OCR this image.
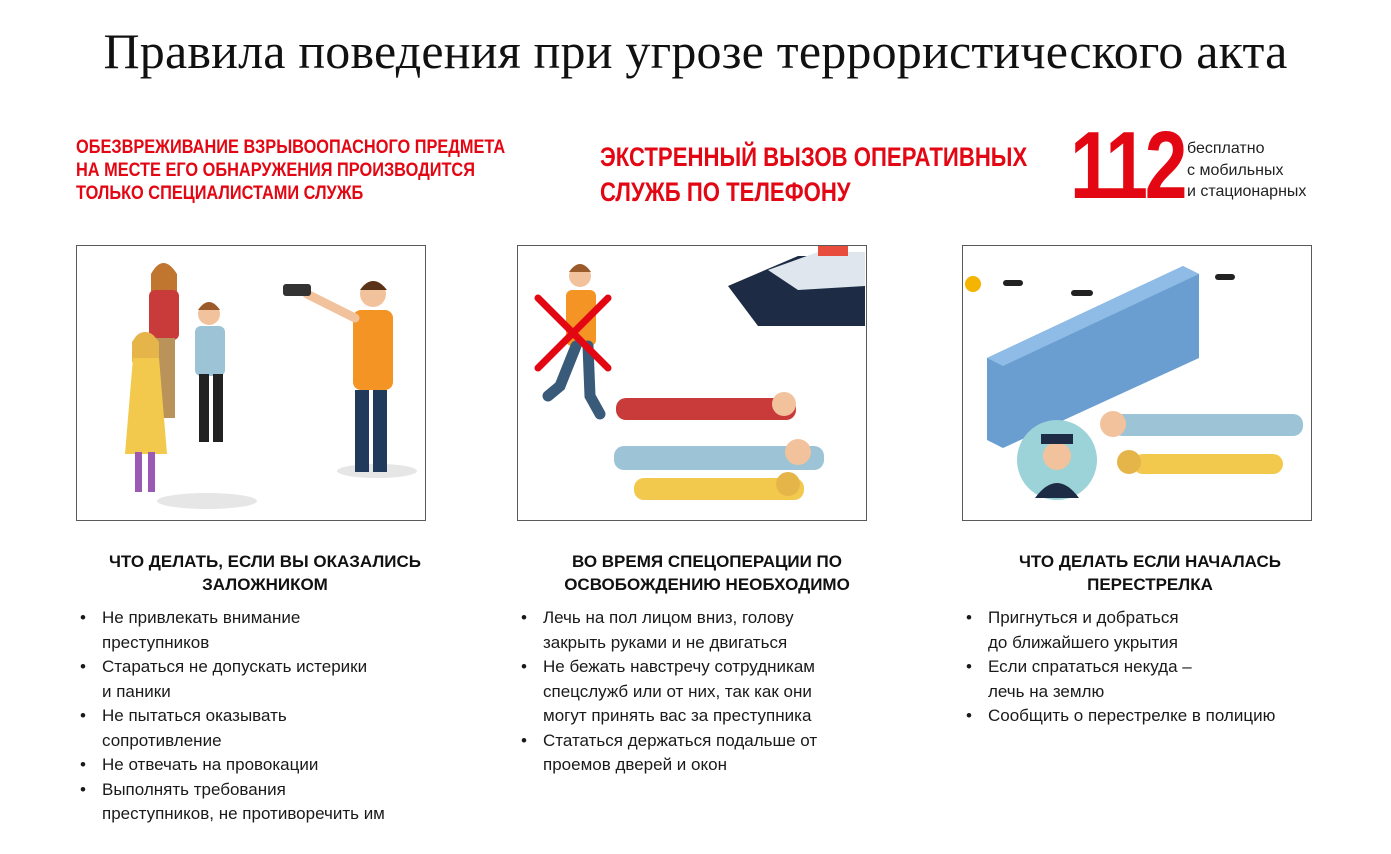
Правила поведения при угрозе террористического акта
ОБЕЗВРЕЖИВАНИЕ ВЗРЫВООПАСНОГО ПРЕДМЕТА
НА МЕСТЕ ЕГО ОБНАРУЖЕНИЯ ПРОИЗВОДИТСЯ
ТОЛЬКО СПЕЦИАЛИСТАМИ СЛУЖБ
ЭКСТРЕННЫЙ ВЫЗОВ ОПЕРАТИВНЫХ
СЛУЖБ ПО ТЕЛЕФОНУ	112 бесплатно
с мобильных
и стационарных
ЧТО ДЕЛАТЬ, ЕСЛИ ВЫ ОКАЗАЛИСЬ
ЗАЛОЖНИКОМ
ВО ВРЕМЯ СПЕЦОПЕРАЦИИ ПО
ОСВОБОЖДЕНИЮ НЕОБХОДИМО
ЧТО ДЕЛАТЬ ЕСЛИ НАЧАЛАСЬ
ПЕРЕСТРЕЛКА
• Не привлекать внимание
преступников
• Стараться не допускать истерики
и паники
• Не пытаться оказывать
сопротивление
• Не отвечать на провокации
• Выполнять требования
преступников, не противоречить им
• Лечь на пол лицом вниз, голову
закрыть руками и не двигаться
• Не бежать навстречу сотрудникам
спецслужб или от них, так как они
могут принять вас за преступника
• Стататься держаться подальше от
проемов дверей и окон
• Пригнуться и добраться
до ближайшего укрытия
• Если спрататься некуда –
лечь на землю
• Сообщить о перестрелке в полицию
